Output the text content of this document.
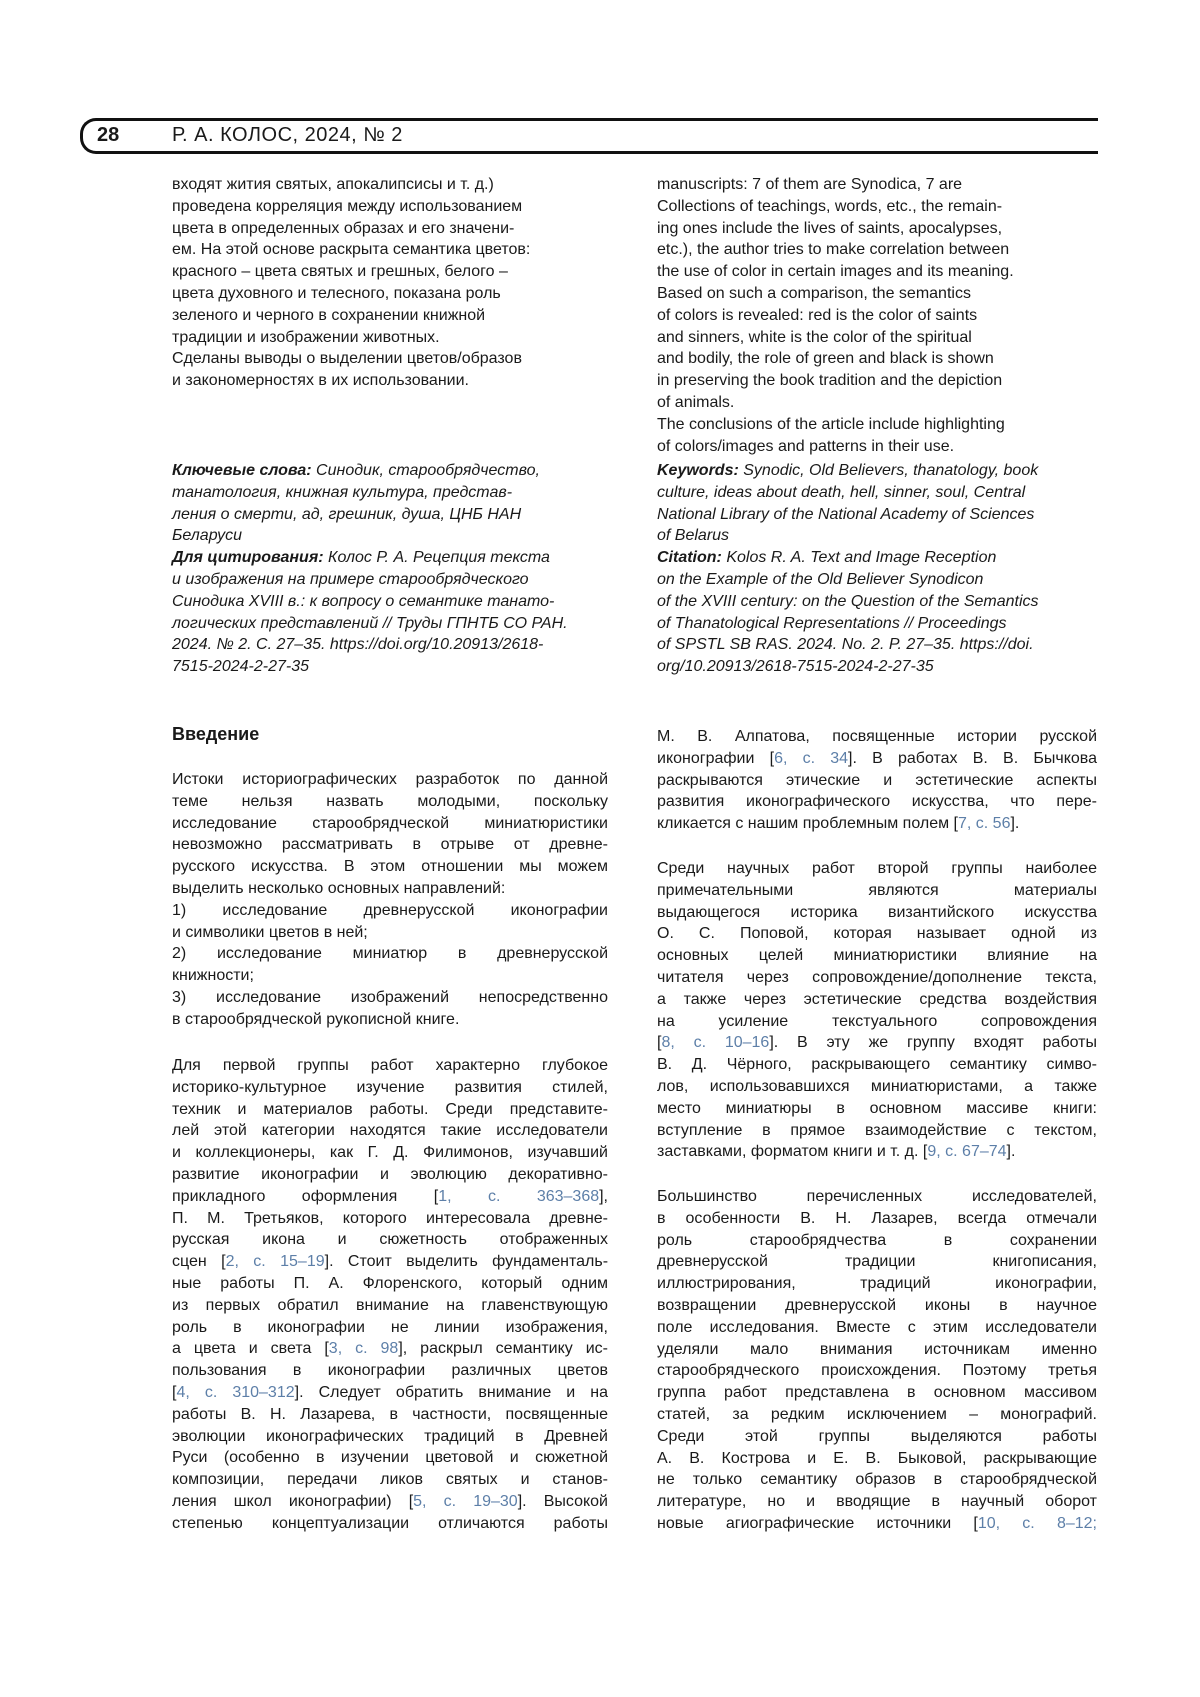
28	Р. А. КОЛОС, 2024, № 2
входят жития святых, апокалипсисы и т. д.)
проведена корреляция между использованием
цвета в определенных образах и его значени-
ем. На этой основе раскрыта семантика цветов:
красного – цвета святых и грешных, белого –
цвета духовного и телесного, показана роль
зеленого и черного в сохранении книжной
традиции и изображении животных.
Сделаны выводы о выделении цветов/образов
и закономерностях в их использовании.
manuscripts: 7 of them are Synodica, 7 are
Collections of teachings, words, etc., the remain-
ing ones include the lives of saints, apocalypses,
etc.), the author tries to make correlation between
the use of color in certain images and its meaning.
Based on such a comparison, the semantics
of colors is revealed: red is the color of saints
and sinners, white is the color of the spiritual
and bodily, the role of green and black is shown
in preserving the book tradition and the depiction
of animals.
The conclusions of the article include highlighting
of colors/images and patterns in their use.
Ключевые слова: Синодик, старообрядчество,
танатология, книжная культура, представ-
ления о смерти, ад, грешник, душа, ЦНБ НАН
Беларуси
Для цитирования: Колос Р. А. Рецепция текста
и изображения на примере старообрядческого
Синодика XVIII в.: к вопросу о семантике танато-
логических представлений // Труды ГПНТБ СО РАН.
2024. № 2. С. 27–35. https://doi.org/10.20913/2618-
7515-2024-2-27-35
Keywords: Synodic, Old Believers, thanatology, book
culture, ideas about death, hell, sinner, soul, Central
National Library of the National Academy of Sciences
of Belarus
Citation: Kolos R. A. Text and Image Reception
on the Example of the Old Believer Synodicon
of the XVIII century: on the Question of the Semantics
of Thanatological Representations // Proceedings
of SPSTL SB RAS. 2024. No. 2. P. 27–35. https://doi.
org/10.20913/2618-7515-2024-2-27-35
Введение
Истоки историографических разработок по данной
теме нельзя назвать молодыми, поскольку
исследование старообрядческой миниатюристики
невозможно рассматривать в отрыве от древне-
русского искусства. В этом отношении мы можем
выделить несколько основных направлений:
1) исследование древнерусской иконографии
и символики цветов в ней;
2) исследование миниатюр в древнерусской
книжности;
3) исследование изображений непосредственно
в старообрядческой рукописной книге.
Для первой группы работ характерно глубокое
историко-культурное изучение развития стилей,
техник и материалов работы. Среди представите-
лей этой категории находятся такие исследователи
и коллекционеры, как Г. Д. Филимонов, изучавший
развитие иконографии и эволюцию декоративно-
прикладного оформления [1, с. 363–368],
П. М. Третьяков, которого интересовала древне-
русская икона и сюжетность отображенных
сцен [2, с. 15–19]. Стоит выделить фундаменталь-
ные работы П. А. Флоренского, который одним
из первых обратил внимание на главенствующую
роль в иконографии не линии изображения,
а цвета и света [3, с. 98], раскрыл семантику ис-
пользования в иконографии различных цветов
[4, с. 310–312]. Следует обратить внимание и на
работы В. Н. Лазарева, в частности, посвященные
эволюции иконографических традиций в Древней
Руси (особенно в изучении цветовой и сюжетной
композиции, передачи ликов святых и станов-
ления школ иконографии) [5, с. 19–30]. Высокой
степенью концептуализации отличаются работы
М. В. Алпатова, посвященные истории русской
иконографии [6, с. 34]. В работах В. В. Бычкова
раскрываются этические и эстетические аспекты
развития иконографического искусства, что пере-
кликается с нашим проблемным полем [7, с. 56].
Среди научных работ второй группы наиболее
примечательными являются материалы
выдающегося историка византийского искусства
О. С. Поповой, которая называет одной из
основных целей миниатюристики влияние на
читателя через сопровождение/дополнение текста,
а также через эстетические средства воздействия
на усиление текстуального сопровождения
[8, с. 10–16]. В эту же группу входят работы
В. Д. Чёрного, раскрывающего семантику симво-
лов, использовавшихся миниатюристами, а также
место миниатюры в основном массиве книги:
вступление в прямое взаимодействие с текстом,
заставками, форматом книги и т. д. [9, с. 67–74].
Большинство перечисленных исследователей,
в особенности В. Н. Лазарев, всегда отмечали
роль старообрядчества в сохранении
древнерусской традиции книгописания,
иллюстрирования, традиций иконографии,
возвращении древнерусской иконы в научное
поле исследования. Вместе с этим исследователи
уделяли мало внимания источникам именно
старообрядческого происхождения. Поэтому третья
группа работ представлена в основном массивом
статей, за редким исключением – монографий.
Среди этой группы выделяются работы
А. В. Кострова и Е. В. Быковой, раскрывающие
не только семантику образов в старообрядческой
литературе, но и вводящие в научный оборот
новые агиографические источники [10, с. 8–12;
